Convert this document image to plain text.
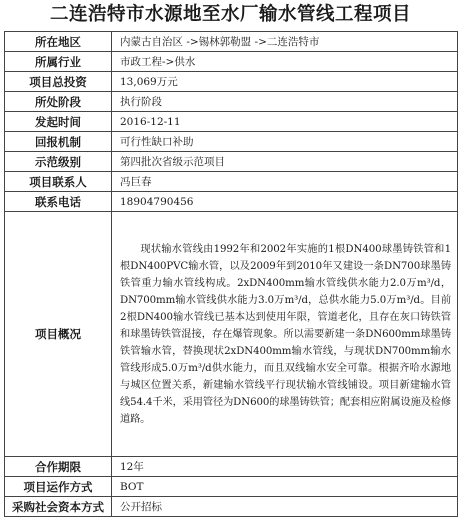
二连浩特市水源地至水厂输水管线工程项目
所在地区	内蒙古自治区 ->锡林郭勒盟 ->二连浩特市
所属行业	市政工程->供水
项目总投资	13,069万元
所处阶段	执行阶段
发起时间	2016-12-11
回报机制	可行性缺口补助
示范级别	第四批次省级示范项目
项目联系人	冯巨春
联系电话	18904790456
项目概况	现状输水管线由1992年和2002年实施的1根DN400球墨铸铁管和1根DN400PVC输水管，以及2009年到2010年又建设一条DN700球墨铸铁管重力输水管线构成。2xDN400mm输水管线供水能力2.0万m³/d，DN700mm输水管线供水能力3.0万m³/d，总供水能力5.0万m³/d。目前2根DN400输水管线已基本达到使用年限，管道老化，且存在灰口铸铁管和球墨铸铁管混接，存在爆管现象。所以需要新建一条DN600mm球墨铸铁管输水管，替换现状2xDN400mm输水管线，与现状DN700mm输水管线形成5.0万m³/d供水能力，而且双线输水安全可靠。根据齐哈水源地与城区位置关系，新建输水管线平行现状输水管线铺设。项目新建输水管线54.4千米，采用管径为DN600的球墨铸铁管；配套相应附属设施及检修道路。
合作期限	12年
项目运作方式	BOT
采购社会资本方式	公开招标
